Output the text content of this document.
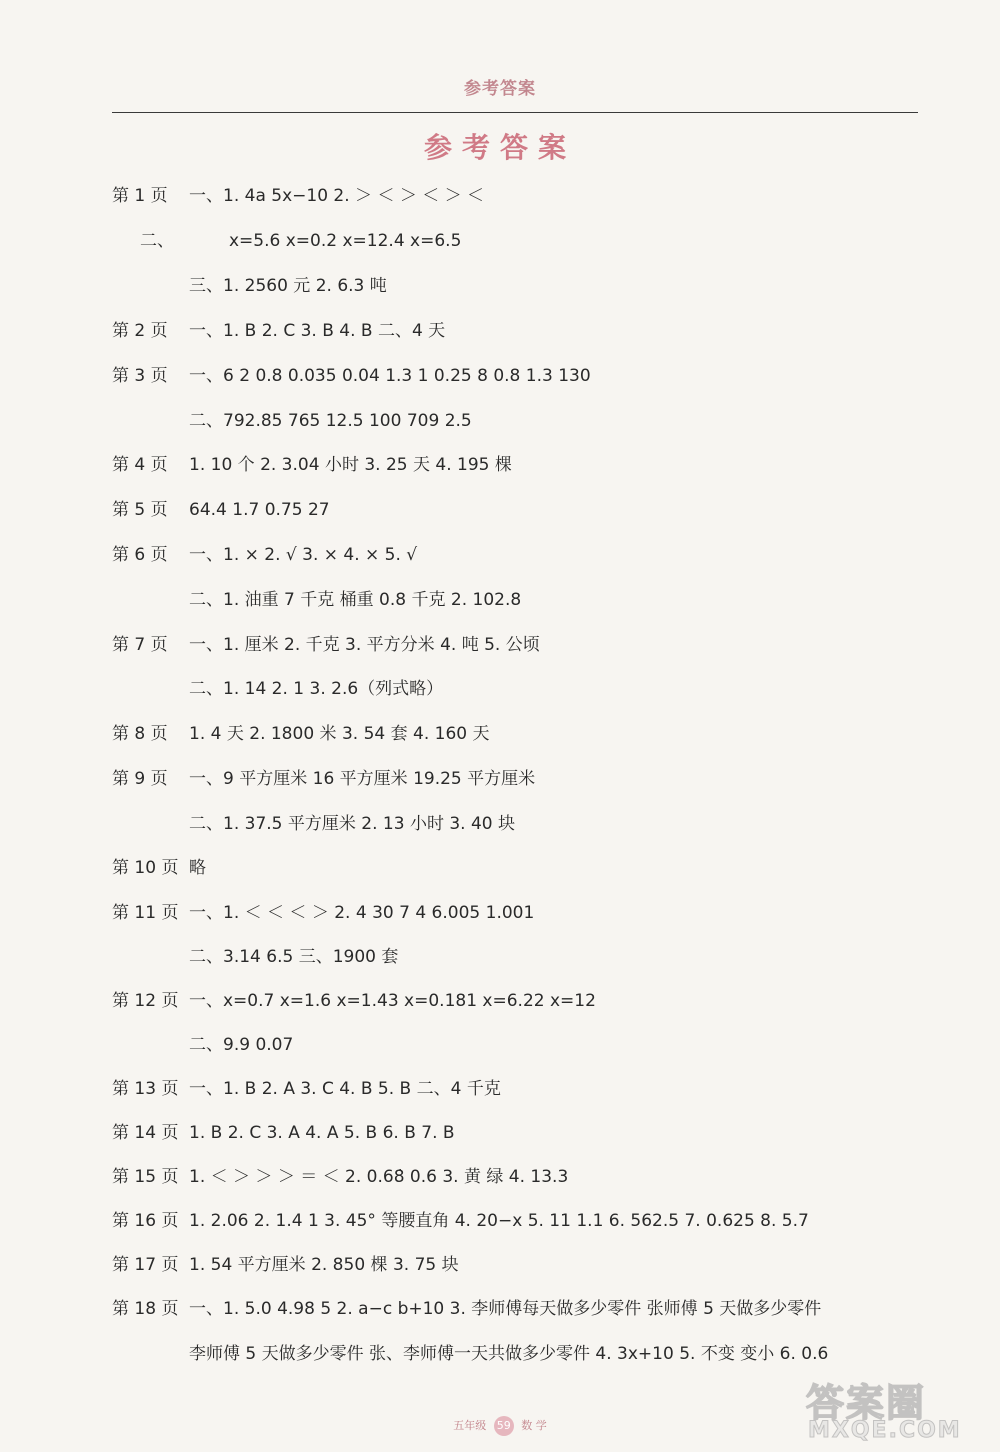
参考答案
参考答案
第 1 页 一、1. 4a 5x−10 2. ＞ ＜ ＞ ＜ ＞ ＜
二、	x=5.6 x=0.2 x=12.4 x=6.5
三、1. 2560 元 2. 6.3 吨
第 2 页 一、1. B 2. C 3. B 4. B 二、4 天
第 3 页 一、6 2 0.8 0.035 0.04 1.3 1 0.25 8 0.8 1.3 130
二、792.85 765 12.5 100 709 2.5
第 4 页 1. 10 个 2. 3.04 小时 3. 25 天 4. 195 棵
第 5 页 64.4 1.7 0.75 27
第 6 页 一、1. × 2. √ 3. × 4. × 5. √
二、1. 油重 7 千克 桶重 0.8 千克 2. 102.8
第 7 页 一、1. 厘米 2. 千克 3. 平方分米 4. 吨 5. 公顷
二、1. 14 2. 1 3. 2.6（列式略）
第 8 页 1. 4 天 2. 1800 米 3. 54 套 4. 160 天
第 9 页 一、9 平方厘米 16 平方厘米 19.25 平方厘米
二、1. 37.5 平方厘米 2. 13 小时 3. 40 块
第 10 页 略
第 11 页 一、1. ＜ ＜ ＜ ＞ 2. 4 30 7 4 6.005 1.001
二、3.14 6.5 三、1900 套
第 12 页 一、x=0.7 x=1.6 x=1.43 x=0.181 x=6.22 x=12
二、9.9 0.07
第 13 页 一、1. B 2. A 3. C 4. B 5. B 二、4 千克
第 14 页 1. B 2. C 3. A 4. A 5. B 6. B 7. B
第 15 页 1. ＜ ＞ ＞ ＞ ＝ ＜ 2. 0.68̇ 0.6 3. 黄 绿 4. 13.3
第 16 页 1. 2.06 2. 1.4 1 3. 45° 等腰直角 4. 20−x 5. 11 1.1 6. 562.5 7. 0.625 8. 5.7
第 17 页 1. 54 平方厘米 2. 850 棵 3. 75 块
第 18 页 一、1. 5.0 4.98 5 2. a−c b+10 3. 李师傅每天做多少零件 张师傅 5 天做多少零件
李师傅 5 天做多少零件 张、李师傅一天共做多少零件 4. 3x+10 5. 不变 变小 6. 0.6
五年级 59 数 学
答案圈
MXQE.COM
